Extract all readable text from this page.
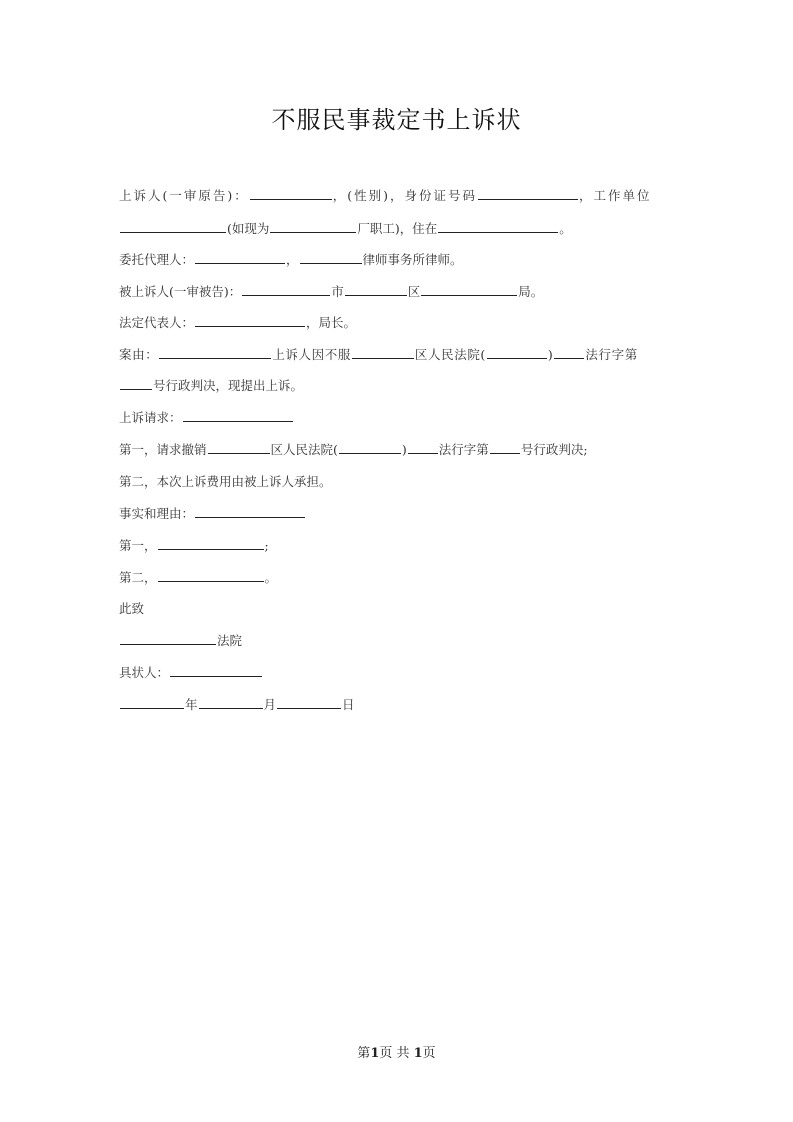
不服民事裁定书上诉状
上诉人(一审原告)：	，(性别)，身份证号码	，工作单位
(如现为	厂职工)，住在	。
委托代理人：	，	律师事务所律师。
被上诉人(一审被告)：	市	区	局。
法定代表人：	，局长。
案由：	上诉人因不服	区人民法院(	)	法行字第
号行政判决，现提出上诉。
上诉请求：
第一，请求撤销	区人民法院(	)	法行字第	号行政判决;
第二，本次上诉费用由被上诉人承担。
事实和理由：
第一，	;
第二，	。
此致
法院
具状人：
年	月	日
第1页 共 1页
